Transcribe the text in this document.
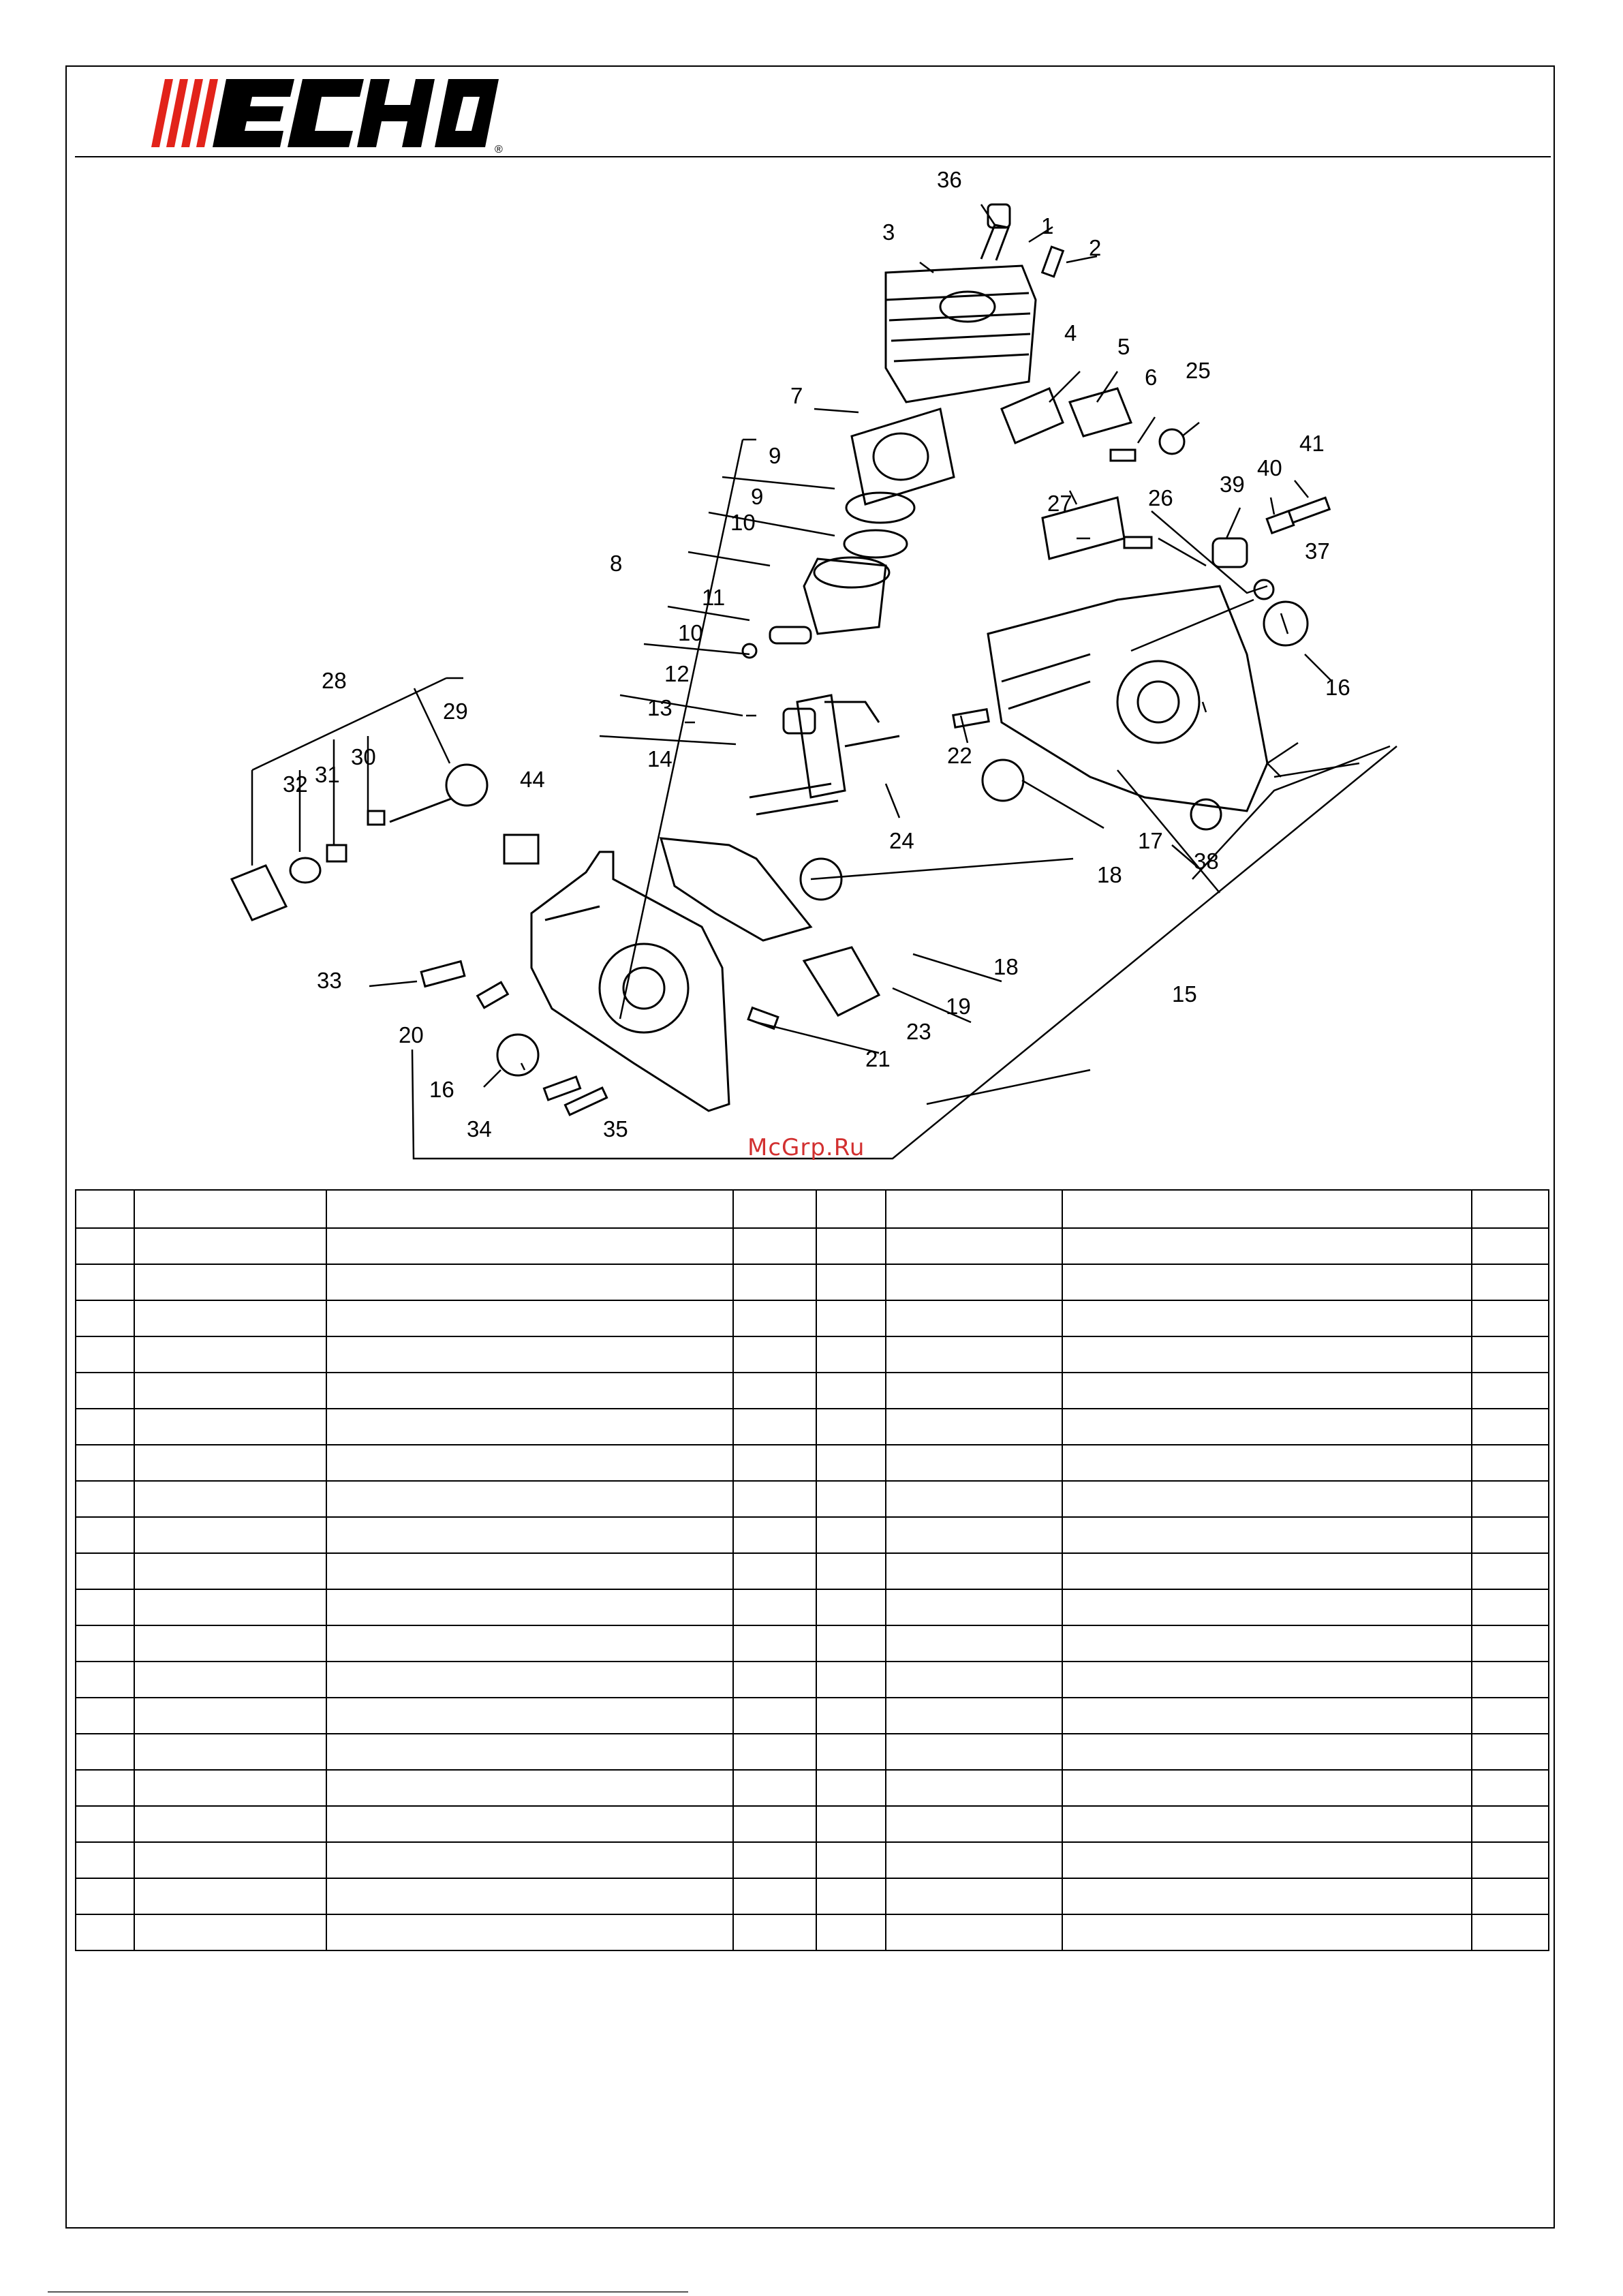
®
36
1
2
3
4
5
6 25
7
9
9
10
8
11
10
12
13
14
24
27	26
39
40
41
37
16
22
17
38
18
18
19	15
23
21
44
28
29
30
31
32
33
20
16
34	35
McGrp.Ru
